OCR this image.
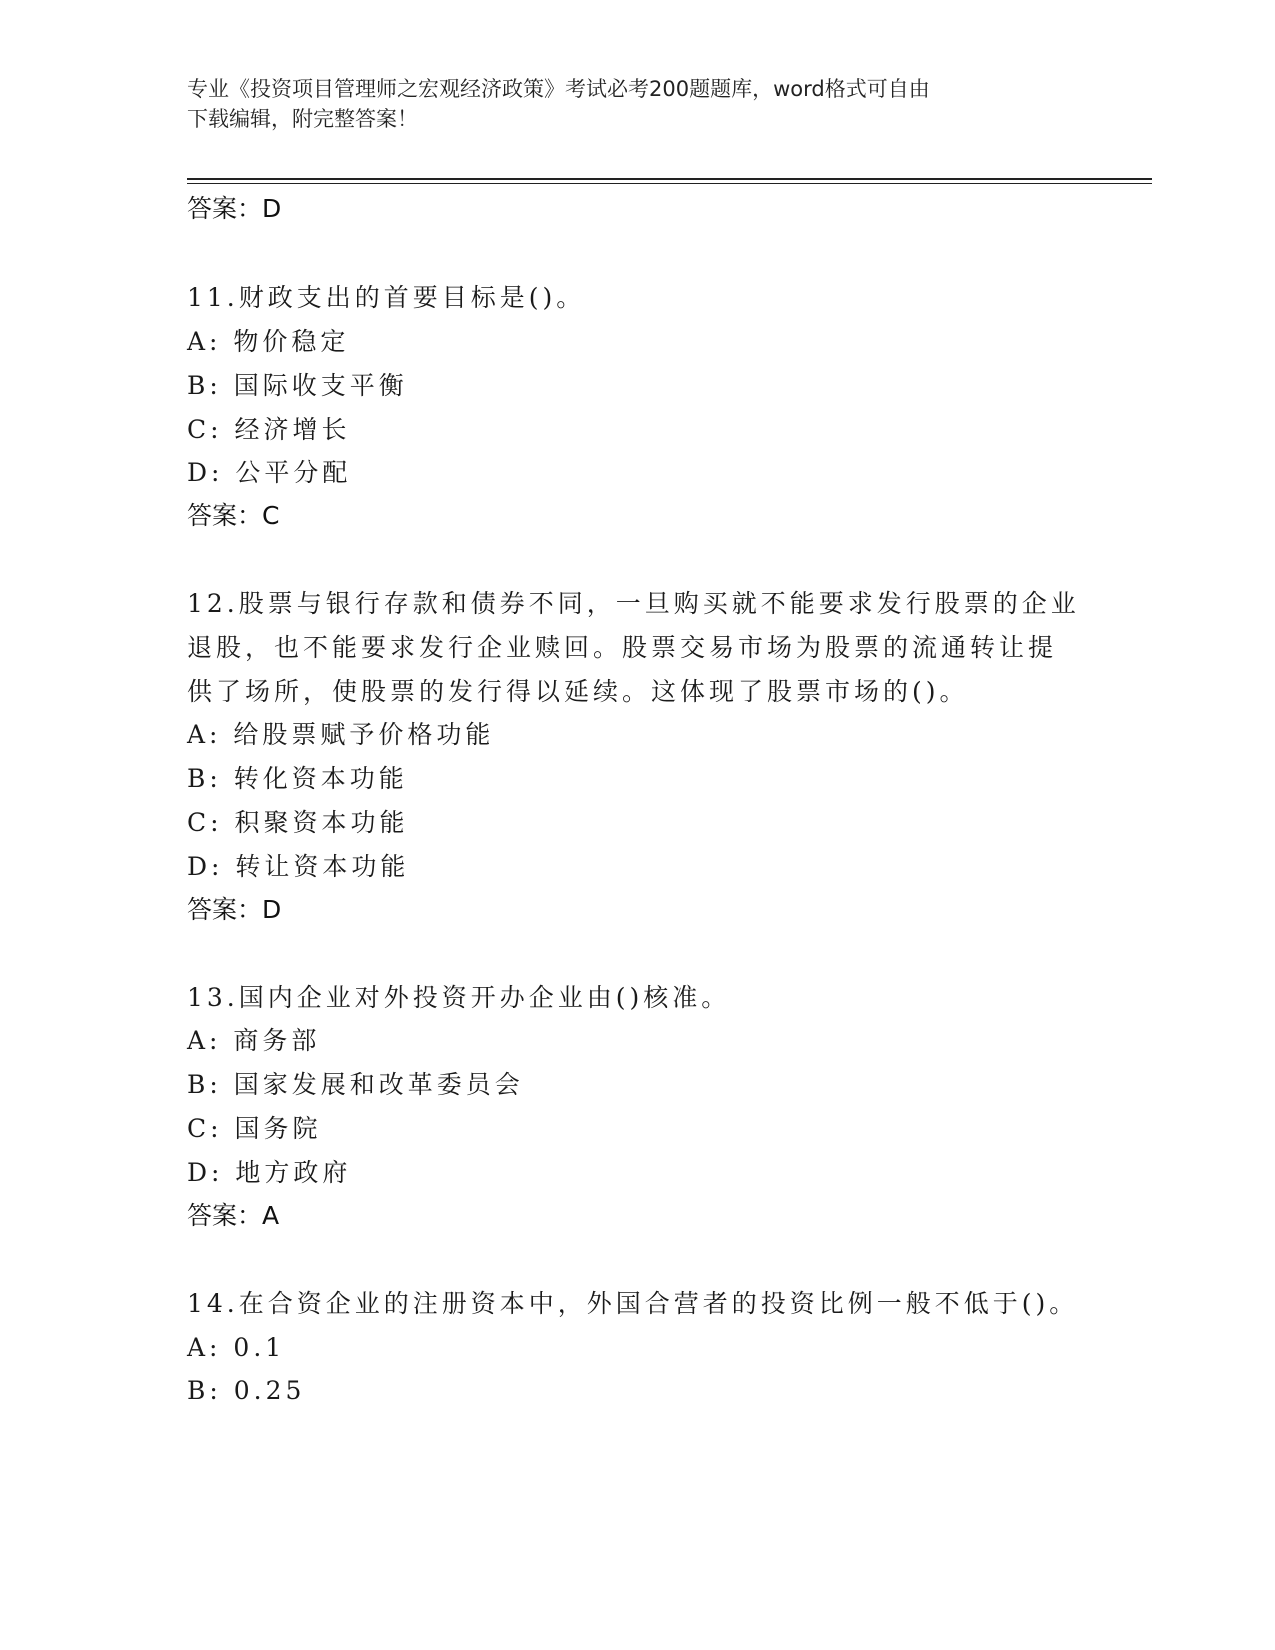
专业《投资项目管理师之宏观经济政策》考试必考200题题库，word格式可自由
下载编辑，附完整答案！
答案：D
11.财政支出的首要目标是()。
A: 物价稳定
B: 国际收支平衡
C: 经济增长
D: 公平分配
答案：C
12.股票与银行存款和债券不同，一旦购买就不能要求发行股票的企业
退股，也不能要求发行企业赎回。股票交易市场为股票的流通转让提
供了场所，使股票的发行得以延续。这体现了股票市场的()。
A: 给股票赋予价格功能
B: 转化资本功能
C: 积聚资本功能
D: 转让资本功能
答案：D
13.国内企业对外投资开办企业由()核准。
A: 商务部
B: 国家发展和改革委员会
C: 国务院
D: 地方政府
答案：A
14.在合资企业的注册资本中，外国合营者的投资比例一般不低于()。
A: 0.1
B: 0.25
